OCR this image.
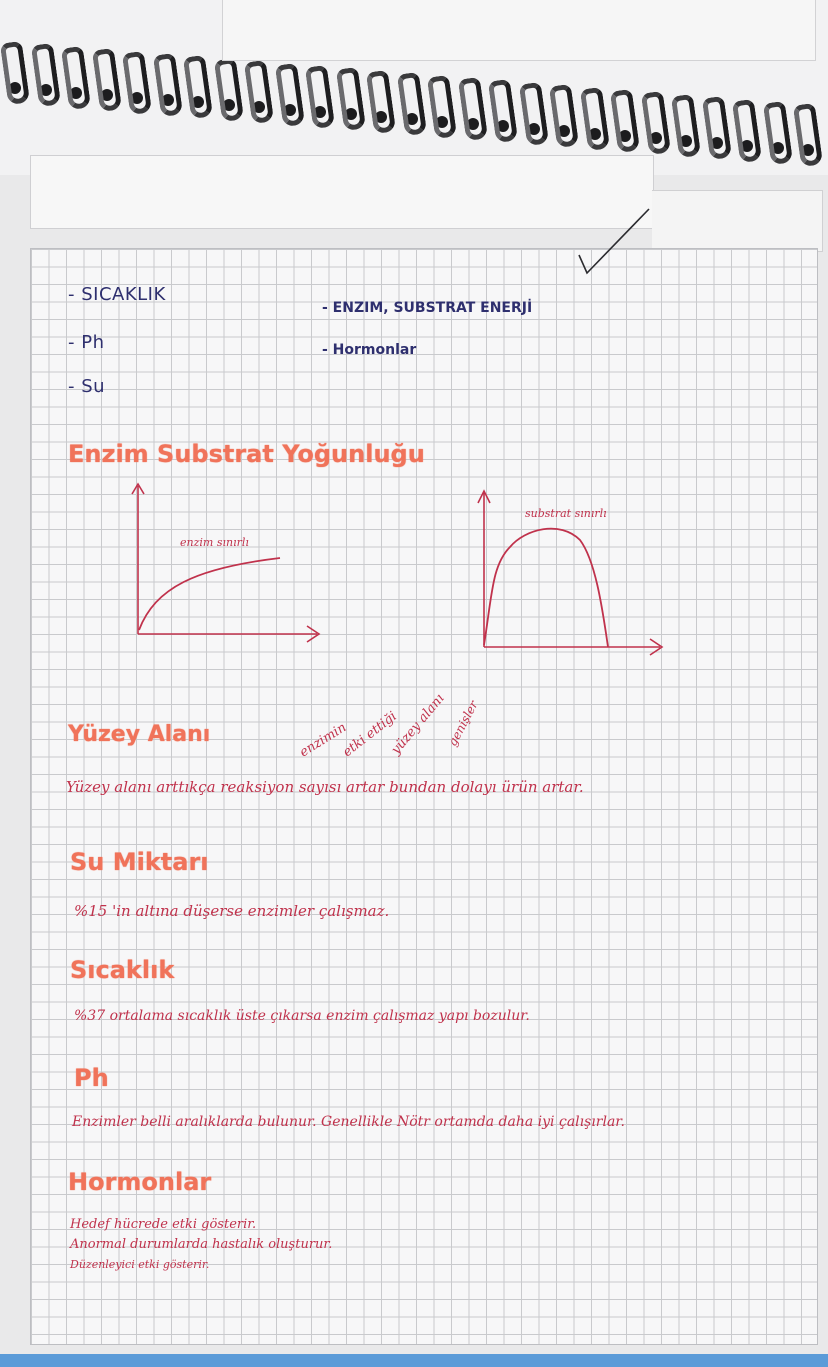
- SICAKLIK
- Ph
- Su
- ENZIM, SUBSTRAT ENERJİ
- Hormonlar
Enzim Substrat Yoğunluğu
enzim sınırlı
substrat sınırlı
enzimin
etki ettiği
yüzey alanı
genişler
Yüzey Alanı
Yüzey alanı arttıkça reaksiyon sayısı artar bundan dolayı ürün artar.
Su Miktarı
%15 'in altına düşerse enzimler çalışmaz.
Sıcaklık
%37 ortalama sıcaklık üste çıkarsa enzim çalışmaz yapı bozulur.
Ph
Enzimler belli aralıklarda bulunur. Genellikle Nötr ortamda daha iyi çalışırlar.
Hormonlar
Hedef hücrede etki gösterir.
Anormal durumlarda hastalık oluşturur.
Düzenleyici etki gösterir.
